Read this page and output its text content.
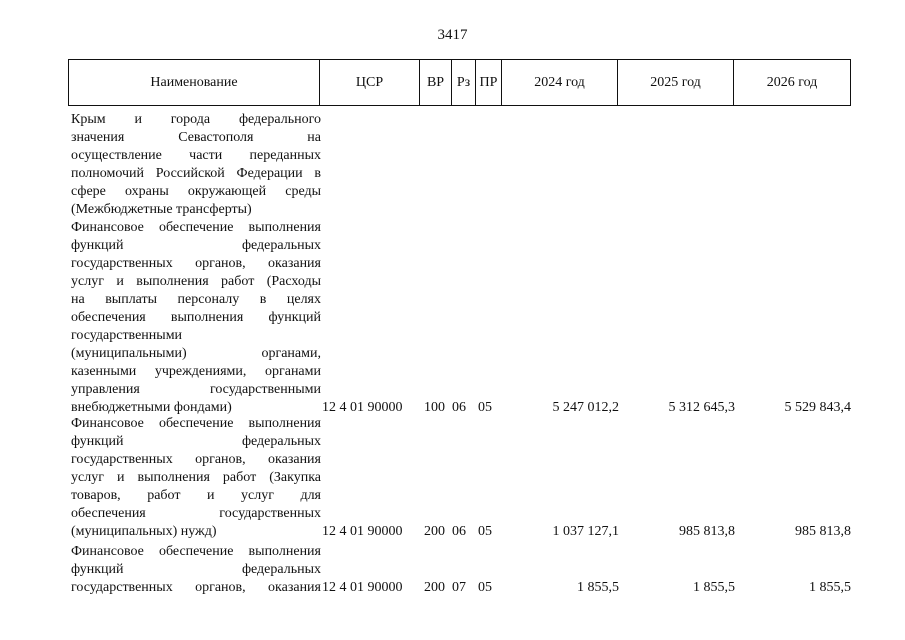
3417
Наименование	ЦСР	ВР Рз ПР	2024 год	2025 год	2026 год
Крым и города федерального
значения Севастополя на
осуществление части переданных
полномочий Российской Федерации в
сфере охраны окружающей среды
(Межбюджетные трансферты)
Финансовое обеспечение выполнения
функций федеральных
государственных органов, оказания
услуг и выполнения работ (Расходы
на выплаты персоналу в целях
обеспечения выполнения функций
государственными
(муниципальными) органами,
казенными учреждениями, органами
управления государственными
внебюджетными фондами)	12 4 01 90000 100 06 05	5 247 012,2	5 312 645,3	5 529 843,4
Финансовое обеспечение выполнения
функций федеральных
государственных органов, оказания
услуг и выполнения работ (Закупка
товаров, работ и услуг для
обеспечения государственных
(муниципальных) нужд)	12 4 01 90000 200 06 05	1 037 127,1	985 813,8	985 813,8
Финансовое обеспечение выполнения
функций федеральных
государственных органов, оказания 12 4 01 90000 200 07 05	1 855,5	1 855,5	1 855,5
